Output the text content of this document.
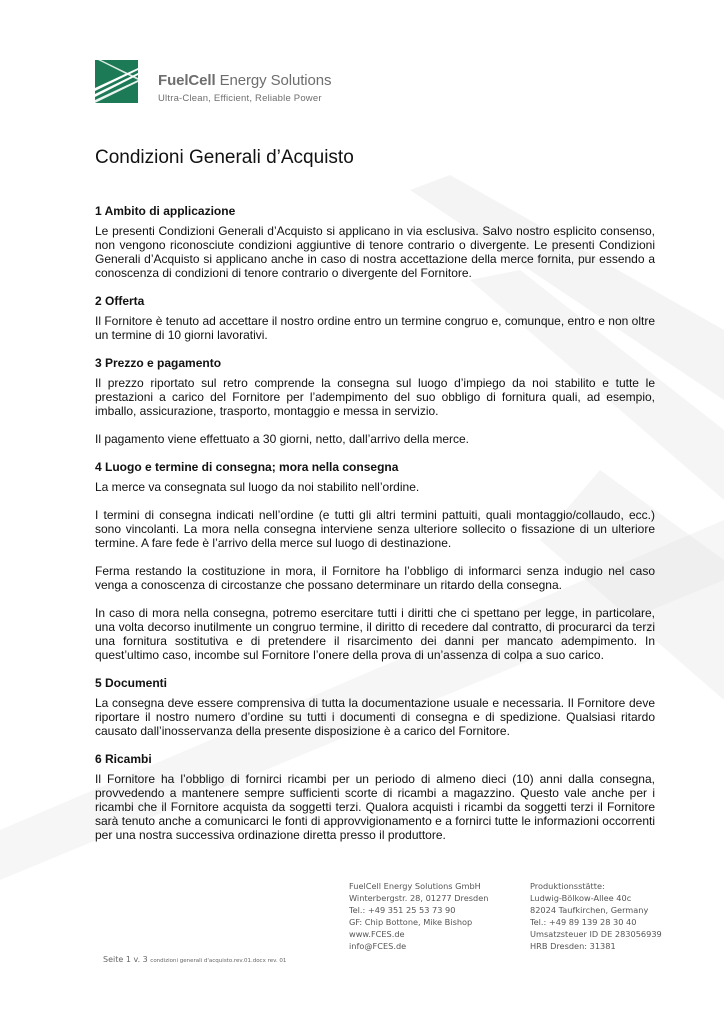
FuelCell Energy Solutions
Ultra-Clean, Efficient, Reliable Power
Condizioni Generali d’Acquisto
1 Ambito di applicazione

Le presenti Condizioni Generali d’Acquisto si applicano in via esclusiva. Salvo nostro esplicito consenso, non vengono riconosciute condizioni aggiuntive di tenore contrario o divergente. Le presenti Condizioni Generali d’Acquisto si applicano anche in caso di nostra accettazione della merce fornita, pur essendo a conoscenza di condizioni di tenore contrario o divergente del Fornitore.

2 Offerta

Il Fornitore è tenuto ad accettare il nostro ordine entro un termine congruo e, comunque, entro e non oltre un termine di 10 giorni lavorativi.

3 Prezzo e pagamento

Il prezzo riportato sul retro comprende la consegna sul luogo d’impiego da noi stabilito e tutte le prestazioni a carico del Fornitore per l’adempimento del suo obbligo di fornitura quali, ad esempio, imballo, assicurazione, trasporto, montaggio e messa in servizio.

Il pagamento viene effettuato a 30 giorni, netto, dall’arrivo della merce.

4 Luogo e termine di consegna; mora nella consegna

La merce va consegnata sul luogo da noi stabilito nell’ordine.

I termini di consegna indicati nell’ordine (e tutti gli altri termini pattuiti, quali montaggio/collaudo, ecc.) sono vincolanti. La mora nella consegna interviene senza ulteriore sollecito o fissazione di un ulteriore termine. A fare fede è l’arrivo della merce sul luogo di destinazione.

Ferma restando la costituzione in mora, il Fornitore ha l’obbligo di informarci senza indugio nel caso venga a conoscenza di circostanze che possano determinare un ritardo della consegna.

In caso di mora nella consegna, potremo esercitare tutti i diritti che ci spettano per legge, in particolare, una volta decorso inutilmente un congruo termine, il diritto di recedere dal contratto, di procurarci da terzi una fornitura sostitutiva e di pretendere il risarcimento dei danni per mancato adempimento. In quest’ultimo caso, incombe sul Fornitore l’onere della prova di un’assenza di colpa a suo carico.

5 Documenti

La consegna deve essere comprensiva di tutta la documentazione usuale e necessaria. Il Fornitore deve riportare il nostro numero d’ordine su tutti i documenti di consegna e di spedizione. Qualsiasi ritardo causato dall’inosservanza della presente disposizione è a carico del Fornitore.

6 Ricambi

Il Fornitore ha l’obbligo di fornirci ricambi per un periodo di almeno dieci (10) anni dalla consegna, provvedendo a mantenere sempre sufficienti scorte di ricambi a magazzino. Questo vale anche per i ricambi che il Fornitore acquista da soggetti terzi. Qualora acquisti i ricambi da soggetti terzi il Fornitore sarà tenuto anche a comunicarci le fonti di approvvigionamento e a fornirci tutte le informazioni occorrenti per una nostra successiva ordinazione diretta presso il produttore.

FuelCell Energy Solutions GmbH
Winterbergstr. 28, 01277 Dresden
Tel.: +49 351 25 53 73 90
GF: Chip Bottone, Mike Bishop
www.FCES.de
info@FCES.de
Produktionsstätte:
Ludwig-Bölkow-Allee 40c
82024 Taufkirchen, Germany
Tel.: +49 89 139 28 30 40
Umsatzsteuer ID DE 283056939
HRB Dresden: 31381
Seite 1 v. 3 condizioni generali d'acquisto.rev.01.docx rev. 01
